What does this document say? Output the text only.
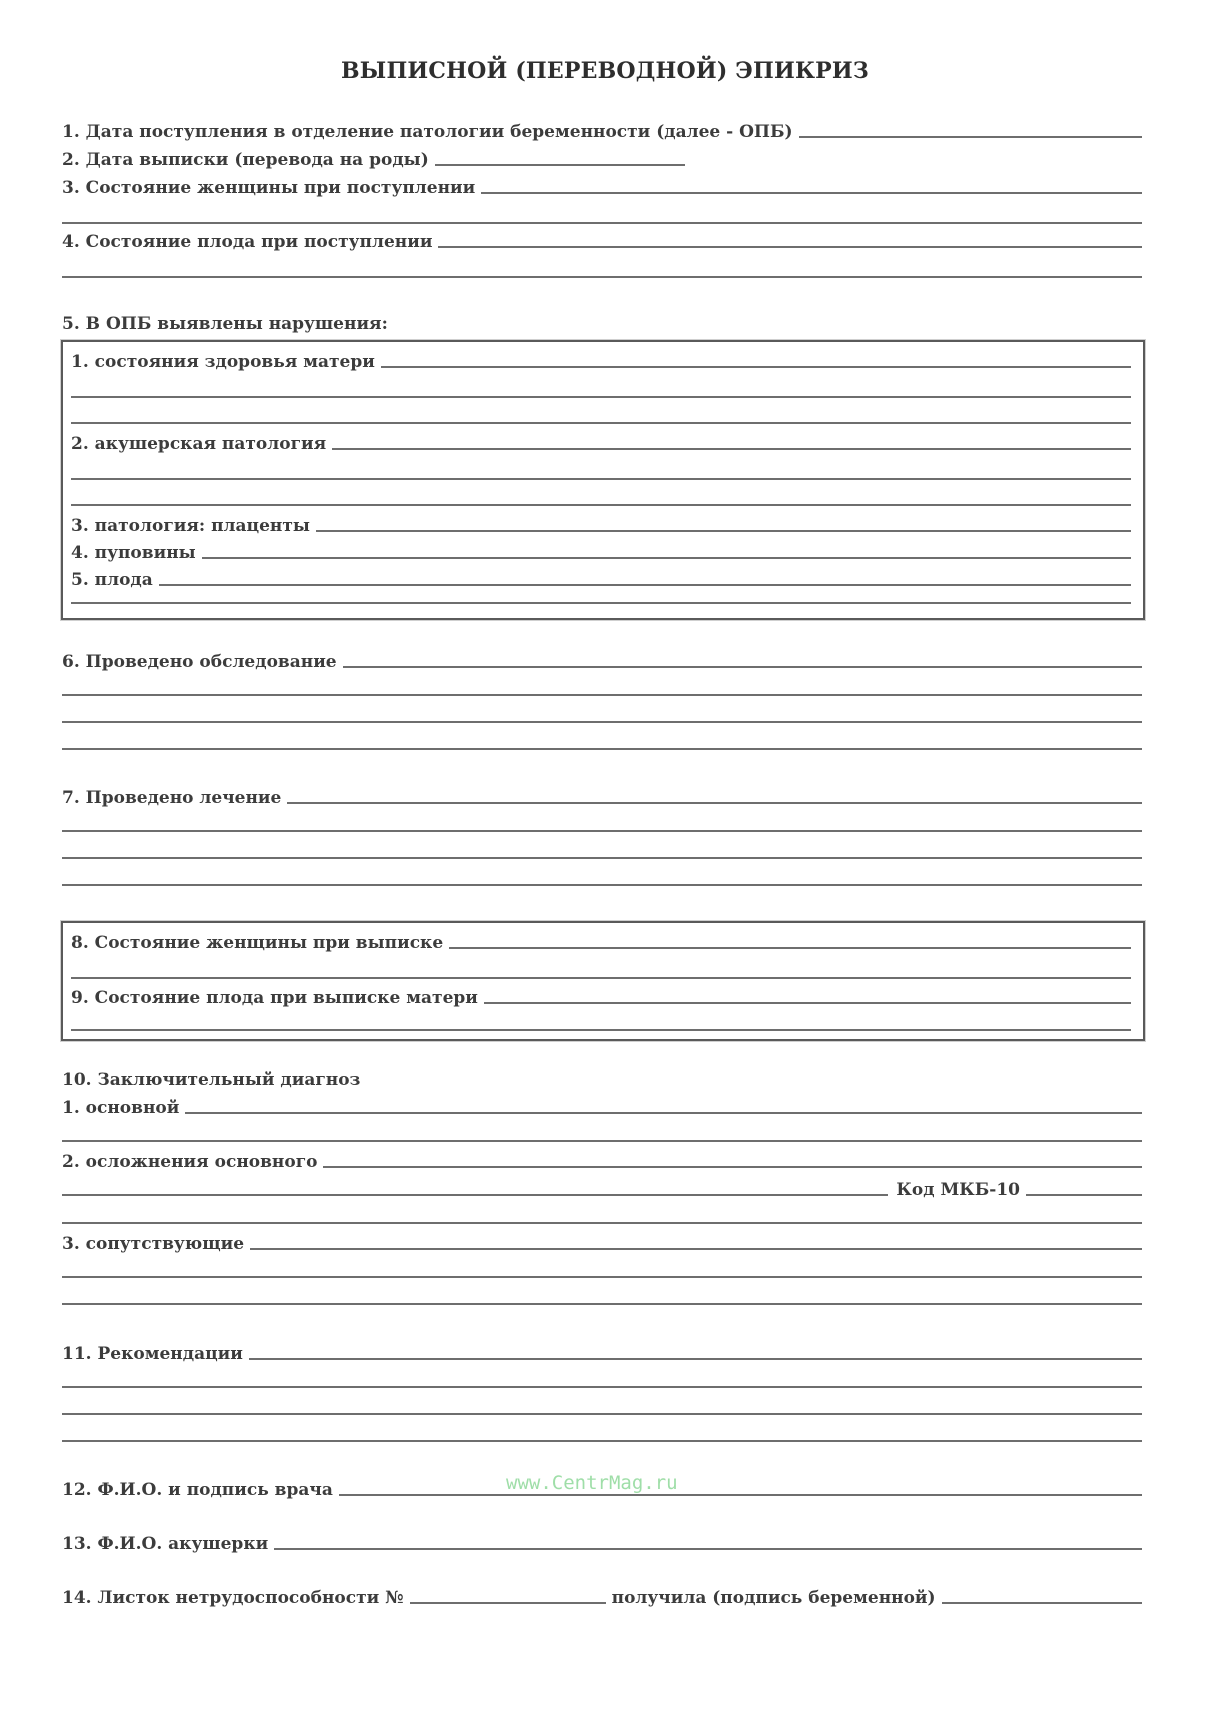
ВЫПИСНОЙ (ПЕРЕВОДНОЙ) ЭПИКРИЗ
1. Дата поступления в отделение патологии беременности (далее - ОПБ)
2. Дата выписки (перевода на роды)
3. Состояние женщины при поступлении
4. Состояние плода при поступлении
5. В ОПБ выявлены нарушения:
1. состояния здоровья матери
2. акушерская патология
3. патология: плаценты
4. пуповины
5. плода
6. Проведено обследование
7. Проведено лечение
8. Состояние женщины при выписке
9. Состояние плода при выписке матери
10. Заключительный диагноз
1. основной
2. осложнения основного
Код МКБ-10
3. сопутствующие
11. Рекомендации
12. Ф.И.О. и подпись врача	www.CentrMag.ru
13. Ф.И.О. акушерки
14. Листок нетрудоспособности №	получила (подпись беременной)
